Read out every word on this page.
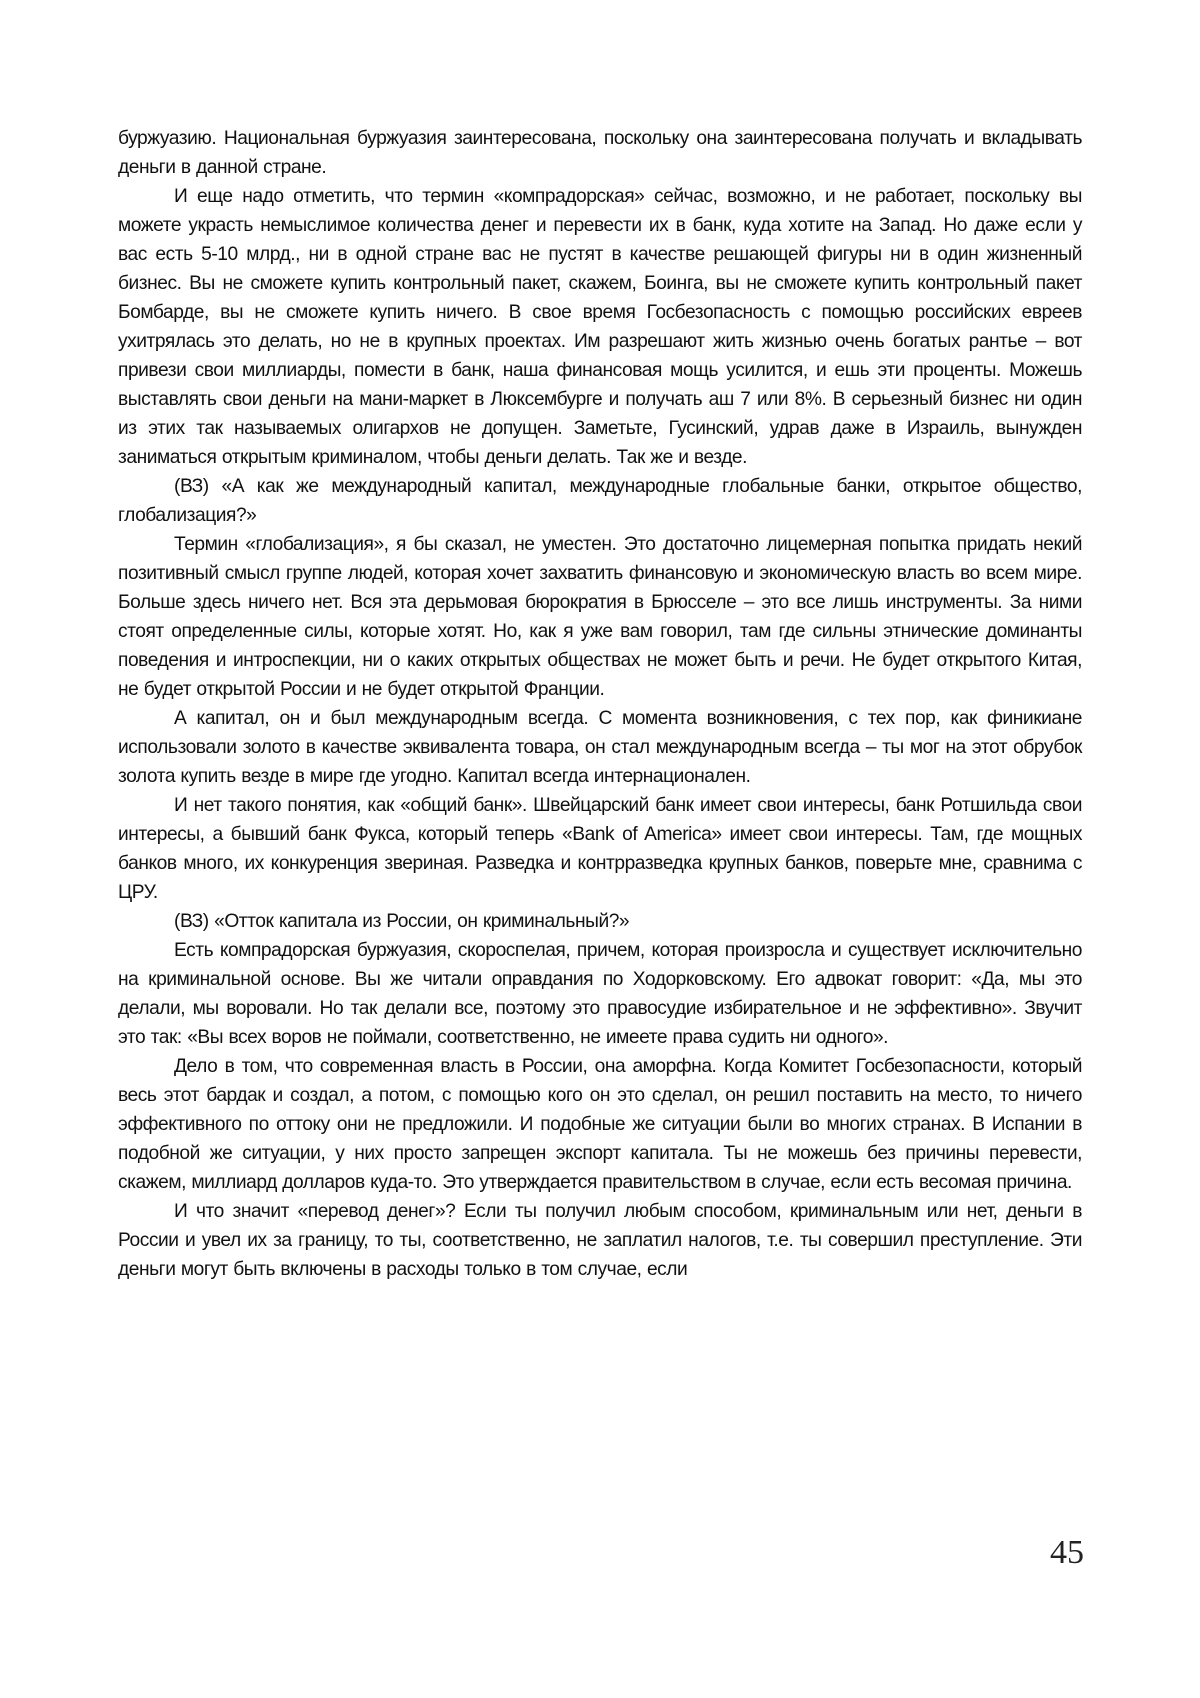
буржуазию. Национальная буржуазия заинтересована, поскольку она заинтересована получать и вкладывать деньги в данной стране.

И еще надо отметить, что термин «компрадорская» сейчас, возможно, и не работает, поскольку вы можете украсть немыслимое количества денег и перевести их в банк, куда хотите на Запад. Но даже если у вас есть 5-10 млрд., ни в одной стране вас не пустят в качестве решающей фигуры ни в один жизненный бизнес. Вы не сможете купить контрольный пакет, скажем, Боинга, вы не сможете купить контрольный пакет Бомбарде, вы не сможете купить ничего. В свое время Госбезопасность с помощью российских евреев ухитрялась это делать, но не в крупных проектах. Им разрешают жить жизнью очень богатых рантье – вот привези свои миллиарды, помести в банк, наша финансовая мощь усилится, и ешь эти проценты. Можешь выставлять свои деньги на мани-маркет в Люксембурге и получать аш 7 или 8%. В серьезный бизнес ни один из этих так называемых олигархов не допущен. Заметьте, Гусинский, удрав даже в Израиль, вынужден заниматься открытым криминалом, чтобы деньги делать. Так же и везде.

(ВЗ) «А как же международный капитал, международные глобальные банки, открытое общество, глобализация?»

Термин «глобализация», я бы сказал, не уместен. Это достаточно лицемерная попытка придать некий позитивный смысл группе людей, которая хочет захватить финансовую и экономическую власть во всем мире. Больше здесь ничего нет. Вся эта дерьмовая бюрократия в Брюсселе – это все лишь инструменты. За ними стоят определенные силы, которые хотят. Но, как я уже вам говорил, там где сильны этнические доминанты поведения и интроспекции, ни о каких открытых обществах не может быть и речи. Не будет открытого Китая, не будет открытой России и не будет открытой Франции.

А капитал, он и был международным всегда. С момента возникновения, с тех пор, как финикиане использовали золото в качестве эквивалента товара, он стал международным всегда – ты мог на этот обрубок золота купить везде в мире где угодно. Капитал всегда интернационален.

И нет такого понятия, как «общий банк». Швейцарский банк имеет свои интересы, банк Ротшильда свои интересы, а бывший банк Фукса, который теперь «Bank of America» имеет свои интересы. Там, где мощных банков много, их конкуренция звериная. Разведка и контрразведка крупных банков, поверьте мне, сравнима с ЦРУ.

(ВЗ) «Отток капитала из России, он криминальный?»

Есть компрадорская буржуазия, скороспелая, причем, которая произросла и существует исключительно на криминальной основе. Вы же читали оправдания по Ходорковскому. Его адвокат говорит: «Да, мы это делали, мы воровали. Но так делали все, поэтому это правосудие избирательное и не эффективно». Звучит это так: «Вы всех воров не поймали, соответственно, не имеете права судить ни одного».

Дело в том, что современная власть в России, она аморфна. Когда Комитет Госбезопасности, который весь этот бардак и создал, а потом, с помощью кого он это сделал, он решил поставить на место, то ничего эффективного по оттоку они не предложили. И подобные же ситуации были во многих странах. В Испании в подобной же ситуации, у них просто запрещен экспорт капитала. Ты не можешь без причины перевести, скажем, миллиард долларов куда-то. Это утверждается правительством в случае, если есть весомая причина.

И что значит «перевод денег»? Если ты получил любым способом, криминальным или нет, деньги в России и увел их за границу, то ты, соответственно, не заплатил налогов, т.е. ты совершил преступление. Эти деньги могут быть включены в расходы только в том случае, если

45
